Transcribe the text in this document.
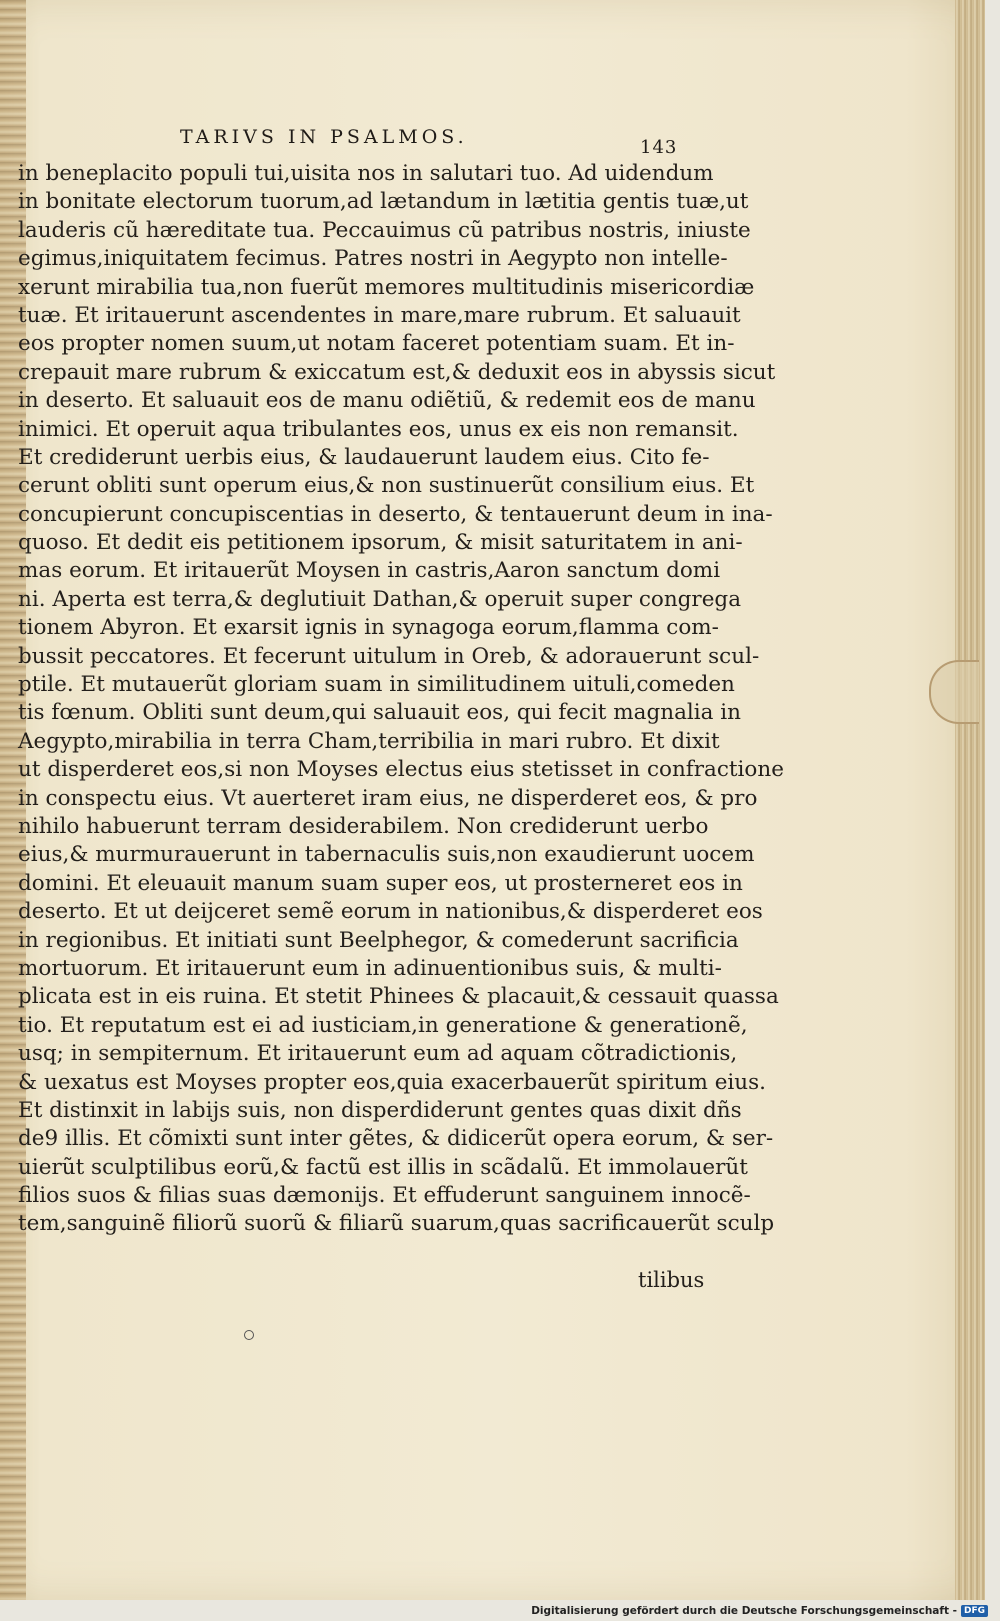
TARIVS IN PSALMOS.	143
in beneplacito populi tui,uisita nos in salutari tuo. Ad uidendum
in bonitate electorum tuorum,ad lætandum in lætitia gentis tuæ,ut
lauderis cũ hæreditate tua. Peccauimus cũ patribus nostris, iniuste
egimus,iniquitatem fecimus. Patres nostri in Aegypto non intelle-
xerunt mirabilia tua,non fuerũt memores multitudinis misericordiæ
tuæ. Et iritauerunt ascendentes in mare,mare rubrum. Et saluauit
eos propter nomen suum,ut notam faceret potentiam suam. Et in-
crepauit mare rubrum & exiccatum est,& deduxit eos in abyssis sicut
in deserto. Et saluauit eos de manu odiẽtiũ, & redemit eos de manu
inimici. Et operuit aqua tribulantes eos, unus ex eis non remansit.
Et crediderunt uerbis eius, & laudauerunt laudem eius. Cito fe-
cerunt obliti sunt operum eius,& non sustinuerũt consilium eius. Et
concupierunt concupiscentias in deserto, & tentauerunt deum in ina-
quoso. Et dedit eis petitionem ipsorum, & misit saturitatem in ani-
mas eorum. Et iritauerũt Moysen in castris,Aaron sanctum domi
ni. Aperta est terra,& deglutiuit Dathan,& operuit super congrega
tionem Abyron. Et exarsit ignis in synagoga eorum,flamma com-
bussit peccatores. Et fecerunt uitulum in Oreb, & adorauerunt scul-
ptile. Et mutauerũt gloriam suam in similitudinem uituli,comeden
tis fœnum. Obliti sunt deum,qui saluauit eos, qui fecit magnalia in
Aegypto,mirabilia in terra Cham,terribilia in mari rubro. Et dixit
ut disperderet eos,si non Moyses electus eius stetisset in confractione
in conspectu eius. Vt auerteret iram eius, ne disperderet eos, & pro
nihilo habuerunt terram desiderabilem. Non crediderunt uerbo
eius,& murmurauerunt in tabernaculis suis,non exaudierunt uocem
domini. Et eleuauit manum suam super eos, ut prosterneret eos in
deserto. Et ut deijceret semẽ eorum in nationibus,& disperderet eos
in regionibus. Et initiati sunt Beelphegor, & comederunt sacrificia
mortuorum. Et iritauerunt eum in adinuentionibus suis, & multi-
plicata est in eis ruina. Et stetit Phinees & placauit,& cessauit quassa
tio. Et reputatum est ei ad iusticiam,in generatione & generationẽ,
usq; in sempiternum. Et iritauerunt eum ad aquam cõtradictionis,
& uexatus est Moyses propter eos,quia exacerbauerũt spiritum eius.
Et distinxit in labijs suis, non disperdiderunt gentes quas dixit dñs
de9 illis. Et cõmixti sunt inter gẽtes, & didicerũt opera eorum, & ser-
uierũt sculptilibus eorũ,& factũ est illis in scãdalũ. Et immolauerũt
filios suos & filias suas dæmonijs. Et effuderunt sanguinem innocẽ-
tem,sanguinẽ filiorũ suorũ & filiarũ suarum,quas sacrificauerũt sculp
tilibus
Digitalisierung gefördert durch die Deutsche Forschungsgemeinschaft - DFG
